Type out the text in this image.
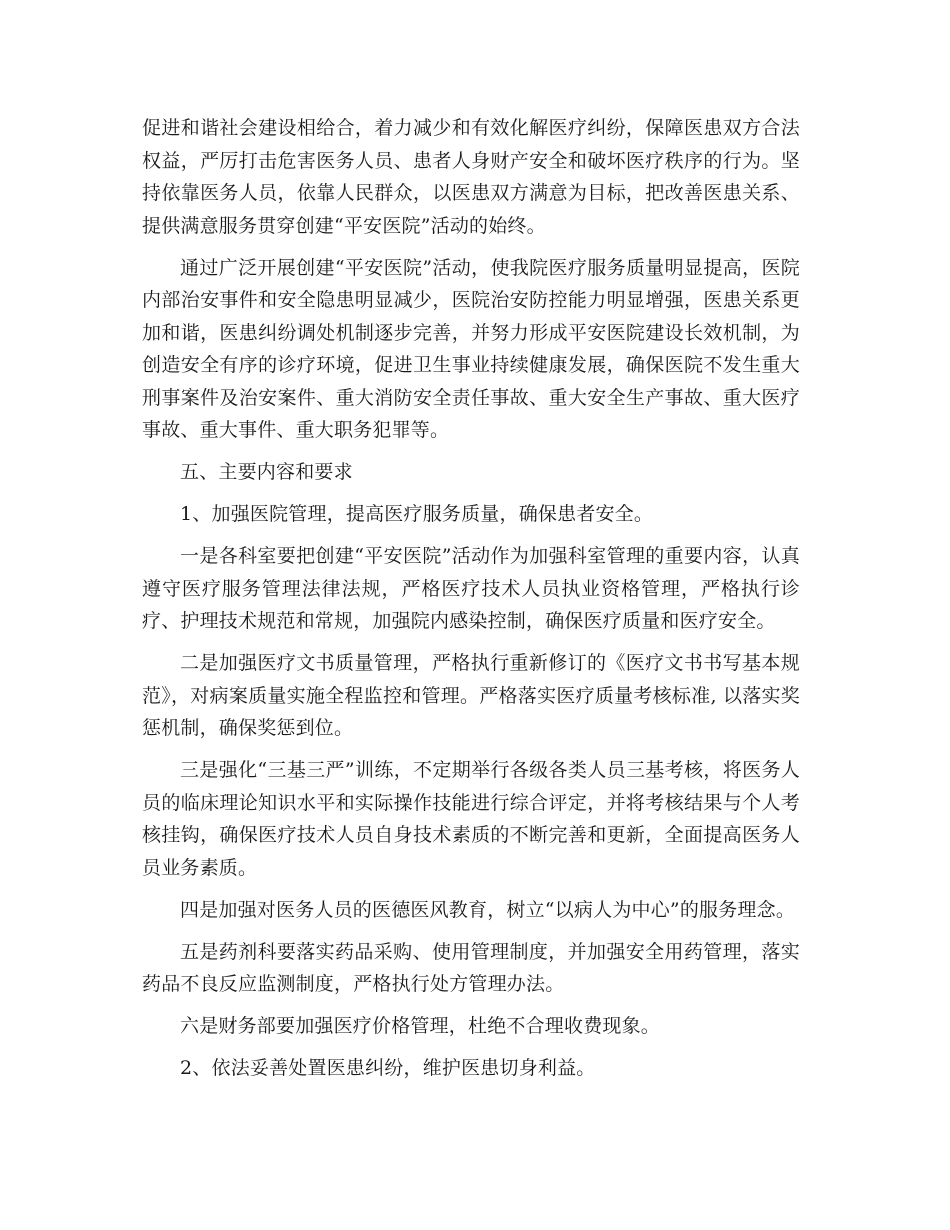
促进和谐社会建设相给合，着力减少和有效化解医疗纠纷，保障医患双方合法权益，严厉打击危害医务人员、患者人身财产安全和破坏医疗秩序的行为。坚持依靠医务人员，依靠人民群众，以医患双方满意为目标，把改善医患关系、提供满意服务贯穿创建“平安医院”活动的始终。

通过广泛开展创建“平安医院”活动，使我院医疗服务质量明显提高，医院内部治安事件和安全隐患明显减少，医院治安防控能力明显增强，医患关系更加和谐，医患纠纷调处机制逐步完善，并努力形成平安医院建设长效机制，为创造安全有序的诊疗环境，促进卫生事业持续健康发展，确保医院不发生重大刑事案件及治安案件、重大消防安全责任事故、重大安全生产事故、重大医疗事故、重大事件、重大职务犯罪等。

五、主要内容和要求

1、加强医院管理，提高医疗服务质量，确保患者安全。

一是各科室要把创建“平安医院”活动作为加强科室管理的重要内容，认真遵守医疗服务管理法律法规，严格医疗技术人员执业资格管理，严格执行诊疗、护理技术规范和常规，加强院内感染控制，确保医疗质量和医疗安全。

二是加强医疗文书质量管理，严格执行重新修订的《医疗文书书写基本规范》，对病案质量实施全程监控和管理。严格落实医疗质量考核标准, 以落实奖惩机制，确保奖惩到位。

三是强化“三基三严”训练，不定期举行各级各类人员三基考核，将医务人员的临床理论知识水平和实际操作技能进行综合评定，并将考核结果与个人考核挂钩，确保医疗技术人员自身技术素质的不断完善和更新，全面提高医务人员业务素质。

四是加强对医务人员的医德医风教育，树立“以病人为中心”的服务理念。

五是药剂科要落实药品采购、使用管理制度，并加强安全用药管理，落实药品不良反应监测制度，严格执行处方管理办法。

六是财务部要加强医疗价格管理，杜绝不合理收费现象。

2、依法妥善处置医患纠纷，维护医患切身利益。
